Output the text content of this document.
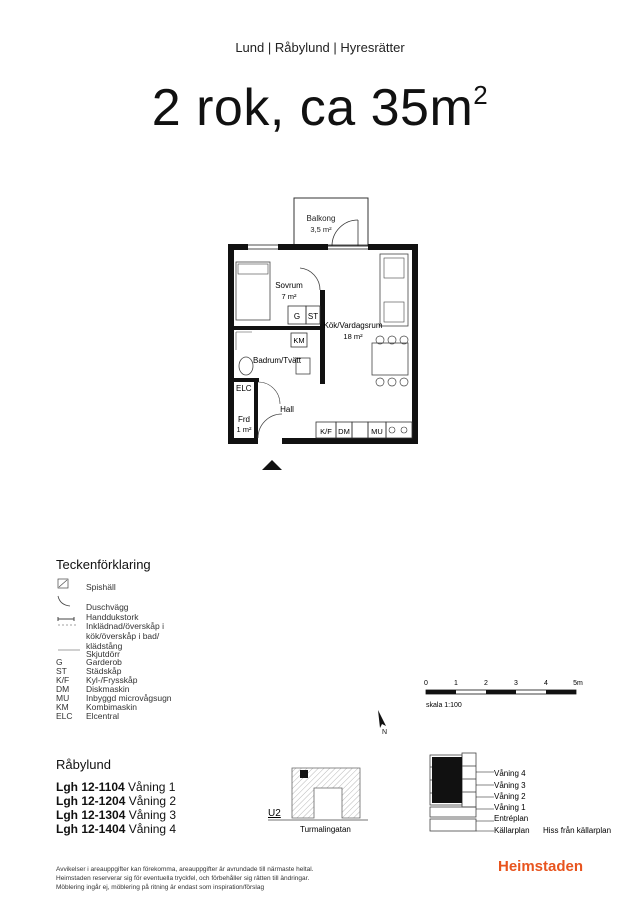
Lund | Råbylund | Hyresrätter
2 rok, ca $35m^2$
Balkong
3,5 m²
G ST
Sovrum
7 m²
Kök/Vardagsrum
18 m²
KM
Badrum/Tvätt
ELC
Frd
1 m²
Hall
K/F DM	MU
Teckenförklaring
Spishäll
Duschvägg
Handdukstork
Inklädnad/överskåp i
kök/överskåp i bad/
klädstång
Skjutdörr
G	Garderob
ST	Städskåp
K/F	Kyl-/Frysskåp
DM	Diskmaskin
MU	Inbyggd microvågsugn
KM	Kombimaskin
ELC	Elcentral
0	1	2	3	4	5m
skala 1:100
N
Råbylund
Lgh 12-1104 Våning 1
Lgh 12-1204 Våning 2
Lgh 12-1304 Våning 3
Lgh 12-1404 Våning 4
U2
Turmalingatan
Våning 4
Våning 3
Våning 2
Våning 1
Entréplan
Källarplan Hiss från källarplan
Avvikelser i areauppgifter kan förekomma, areauppgifter är avrundade till närmaste heltal.
Heimstaden reserverar sig för eventuella tryckfel, och förbehåller sig rätten till ändringar.
Möblering ingår ej, möblering på ritning är endast som inspiration/förslag
Heimstaden
